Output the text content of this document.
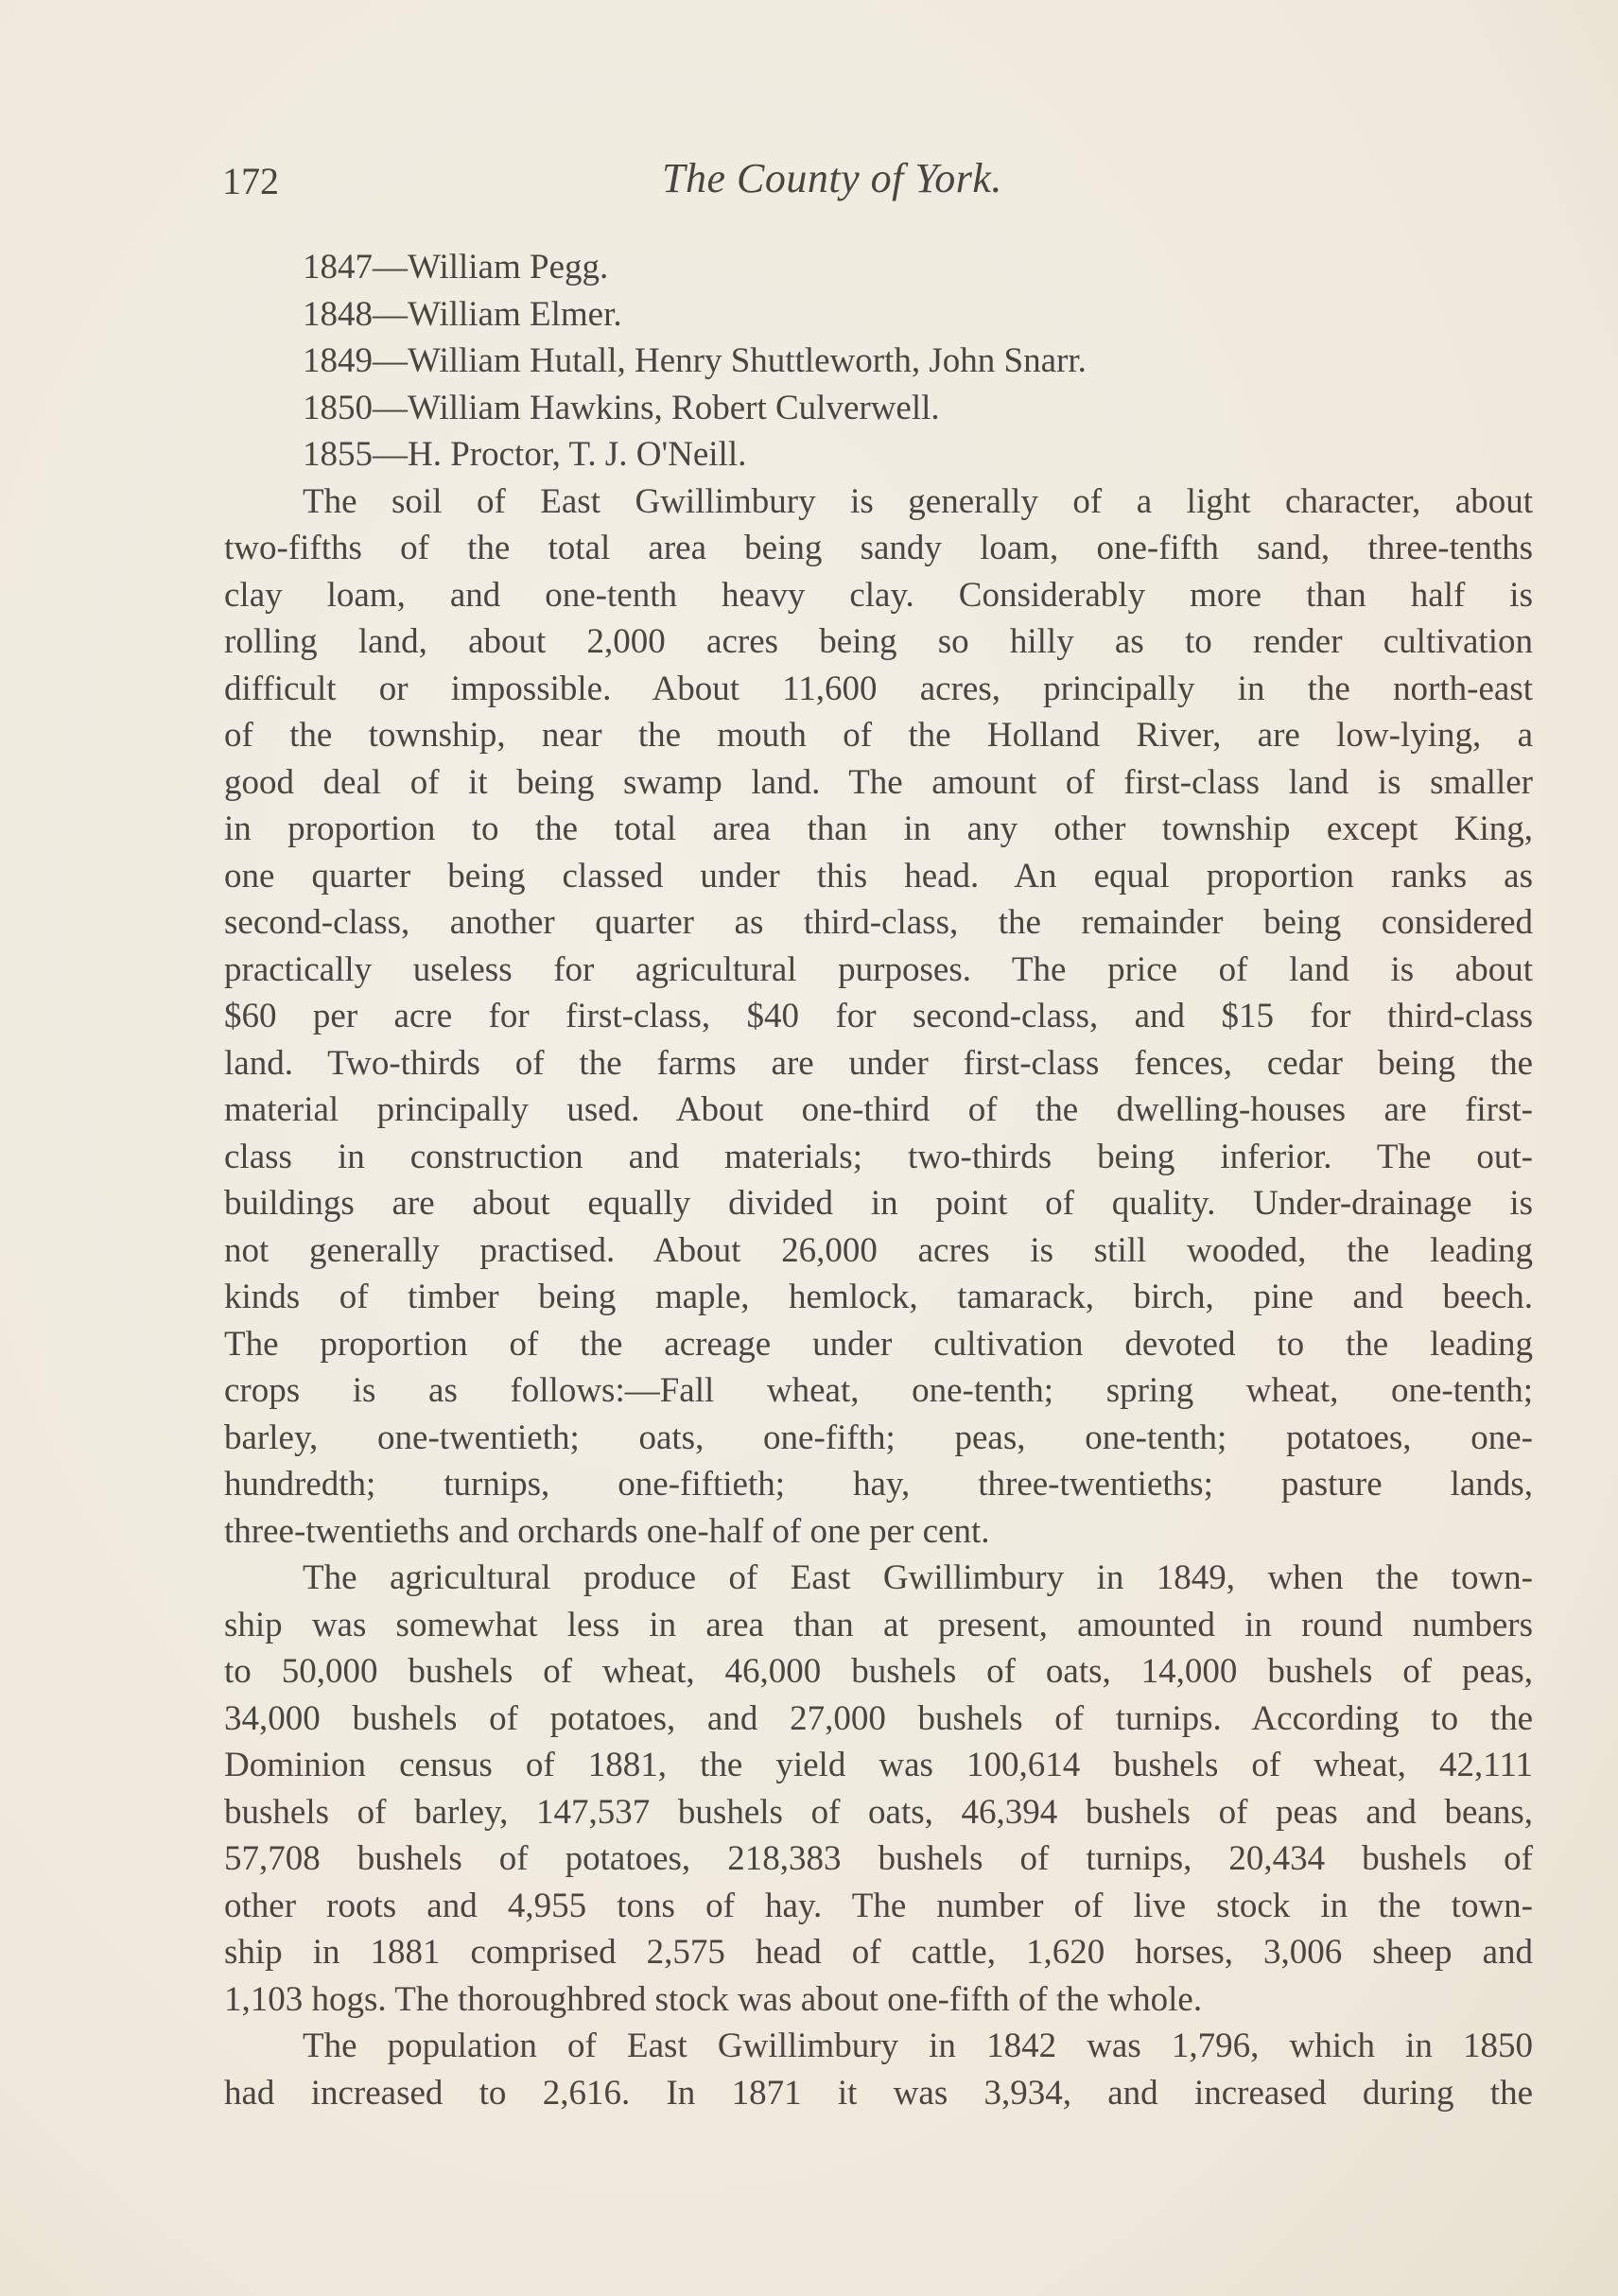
172	The County of York.
1847—William Pegg.
1848—William Elmer.
1849—William Hutall, Henry Shuttleworth, John Snarr.
1850—William Hawkins, Robert Culverwell.
1855—H. Proctor, T. J. O'Neill.
The soil of East Gwillimbury is generally of a light character, about
two-fifths of the total area being sandy loam, one-fifth sand, three-tenths
clay loam, and one-tenth heavy clay. Considerably more than half is
rolling land, about 2,000 acres being so hilly as to render cultivation
difficult or impossible. About 11,600 acres, principally in the north-east
of the township, near the mouth of the Holland River, are low-lying, a
good deal of it being swamp land. The amount of first-class land is smaller
in proportion to the total area than in any other township except King,
one quarter being classed under this head. An equal proportion ranks as
second-class, another quarter as third-class, the remainder being considered
practically useless for agricultural purposes. The price of land is about
$60 per acre for first-class, $40 for second-class, and $15 for third-class
land. Two-thirds of the farms are under first-class fences, cedar being the
material principally used. About one-third of the dwelling-houses are first-
class in construction and materials; two-thirds being inferior. The out-
buildings are about equally divided in point of quality. Under-drainage is
not generally practised. About 26,000 acres is still wooded, the leading
kinds of timber being maple, hemlock, tamarack, birch, pine and beech.
The proportion of the acreage under cultivation devoted to the leading
crops is as follows:—Fall wheat, one-tenth; spring wheat, one-tenth;
barley, one-twentieth; oats, one-fifth; peas, one-tenth; potatoes, one-
hundredth; turnips, one-fiftieth; hay, three-twentieths; pasture lands,
three-twentieths and orchards one-half of one per cent.
The agricultural produce of East Gwillimbury in 1849, when the town-
ship was somewhat less in area than at present, amounted in round numbers
to 50,000 bushels of wheat, 46,000 bushels of oats, 14,000 bushels of peas,
34,000 bushels of potatoes, and 27,000 bushels of turnips. According to the
Dominion census of 1881, the yield was 100,614 bushels of wheat, 42,111
bushels of barley, 147,537 bushels of oats, 46,394 bushels of peas and beans,
57,708 bushels of potatoes, 218,383 bushels of turnips, 20,434 bushels of
other roots and 4,955 tons of hay. The number of live stock in the town-
ship in 1881 comprised 2,575 head of cattle, 1,620 horses, 3,006 sheep and
1,103 hogs. The thoroughbred stock was about one-fifth of the whole.
The population of East Gwillimbury in 1842 was 1,796, which in 1850
had increased to 2,616. In 1871 it was 3,934, and increased during the
